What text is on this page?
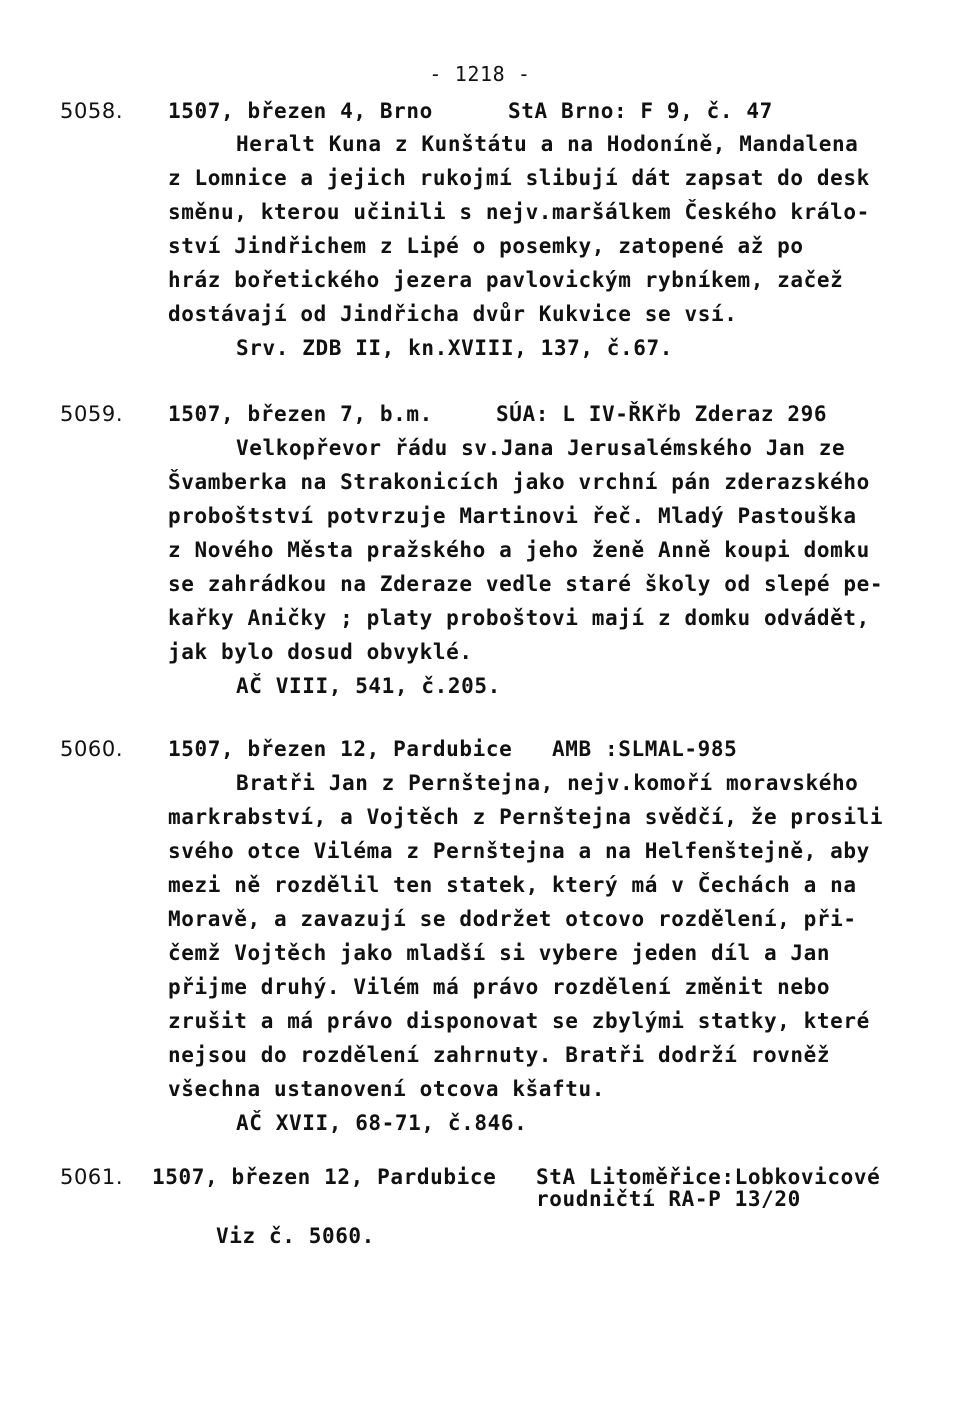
- 1218 -
5058. 1507, březen 4, Brno	StA Brno: F 9, č. 47
Heralt Kuna z Kunštátu a na Hodoníně, Mandalena
z Lomnice a jejich rukojmí slibují dát zapsat do desk
směnu, kterou učinili s nejv.maršálkem Českého králo-
ství Jindřichem z Lipé o posemky, zatopené až po
hráz bořetického jezera pavlovickým rybníkem, začež
dostávají od Jindřicha dvůr Kukvice se vsí.
Srv. ZDB II, kn.XVIII, 137, č.67.
5059. 1507, březen 7, b.m.	SÚA: L IV-ŘKřb Zderaz 296
Velkopřevor řádu sv.Jana Jerusalémského Jan ze
Švamberka na Strakonicích jako vrchní pán zderazského
proboštství potvrzuje Martinovi řeč. Mladý Pastouška
z Nového Města pražského a jeho ženě Anně koupi domku
se zahrádkou na Zderaze vedle staré školy od slepé pe-
kařky Aničky ; platy proboštovi mají z domku odvádět,
jak bylo dosud obvyklé.
AČ VIII, 541, č.205.
5060. 1507, březen 12, Pardubice AMB :SLMAL-985
Bratři Jan z Pernštejna, nejv.komoří moravského
markrabství, a Vojtěch z Pernštejna svědčí, že prosili
svého otce Viléma z Pernštejna a na Helfenštejně, aby
mezi ně rozdělil ten statek, který má v Čechách a na
Moravě, a zavazují se dodržet otcovo rozdělení, při-
čemž Vojtěch jako mladší si vybere jeden díl a Jan
přijme druhý. Vilém má právo rozdělení změnit nebo
zrušit a má právo disponovat se zbylými statky, které
nejsou do rozdělení zahrnuty. Bratři dodrží rovněž
všechna ustanovení otcova kšaftu.
AČ XVII, 68-71, č.846.
5061. 1507, březen 12, Pardubice StA Litoměřice:Lobkovicové
roudničtí RA-P 13/20
Viz č. 5060.
